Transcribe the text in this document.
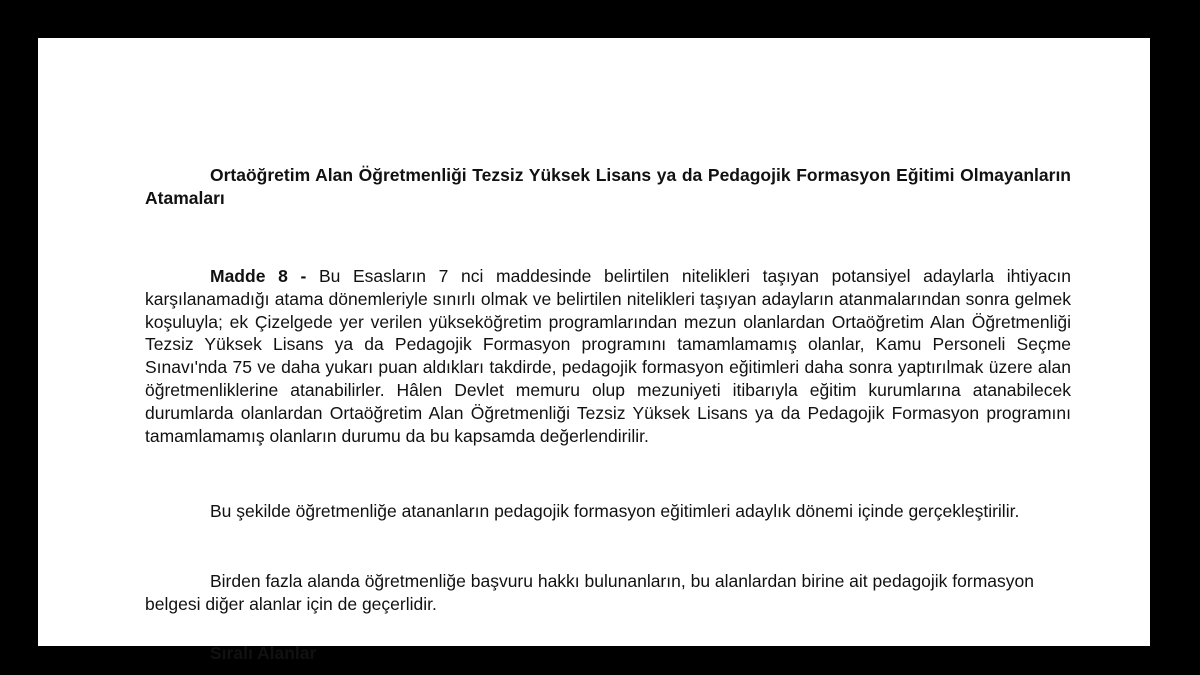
Ortaöğretim Alan Öğretmenliği Tezsiz Yüksek Lisans ya da Pedagojik Formasyon Eğitimi Olmayanların Atamaları

Madde 8 - Bu Esasların 7 nci maddesinde belirtilen nitelikleri taşıyan potansiyel adaylarla ihtiyacın karşılanamadığı atama dönemleriyle sınırlı olmak ve belirtilen nitelikleri taşıyan adayların atanmalarından sonra gelmek koşuluyla; ek Çizelgede yer verilen yükseköğretim programlarından mezun olanlardan Ortaöğretim Alan Öğretmenliği Tezsiz Yüksek Lisans ya da Pedagojik Formasyon programını tamamlamamış olanlar, Kamu Personeli Seçme Sınavı'nda 75 ve daha yukarı puan aldıkları takdirde, pedagojik formasyon eğitimleri daha sonra yaptırılmak üzere alan öğretmenliklerine atanabilirler. Hâlen Devlet memuru olup mezuniyeti itibarıyla eğitim kurumlarına atanabilecek durumlarda olanlardan Ortaöğretim Alan Öğretmenliği Tezsiz Yüksek Lisans ya da Pedagojik Formasyon programını tamamlamamış olanların durumu da bu kapsamda değerlendirilir.

Bu şekilde öğretmenliğe atananların pedagojik formasyon eğitimleri adaylık dönemi içinde gerçekleştirilir.

Birden fazla alanda öğretmenliğe başvuru hakkı bulunanların, bu alanlardan birine ait pedagojik formasyon belgesi diğer alanlar için de geçerlidir.

Sıralı Alanlar
